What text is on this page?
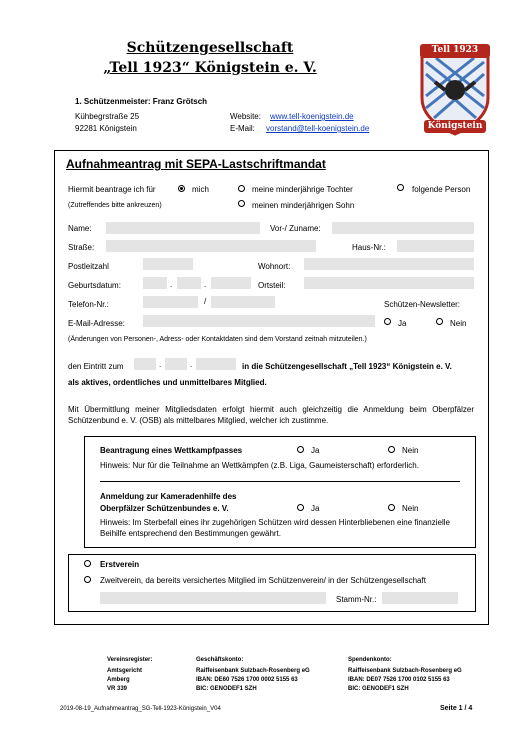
Schützengesellschaft
„Tell 1923“ Königstein e. V.
1. Schützenmeister: Franz Grötsch
Kühbegrstraße 25
92281 Königstein
Website: www.tell-koenigstein.de
E-Mail: vorstand@tell-koenigstein.de
Tell 1923
Königstein
Aufnahmeantrag mit SEPA-Lastschriftmandat
Hiermit beantrage ich für	mich	meine minderjährige Tochter	folgende Person
(Zutreffendes bitte ankreuzen)	meinen minderjährigen Sohn
Name:	Vor-/ Zuname:
Straße:	Haus-Nr.:
Postleitzahl	Wohnort:
Geburtsdatum:	.	.	Ortsteil:
Telefon-Nr.:	/	Schützen-Newsletter:
E-Mail-Adresse:	Ja	Nein
(Änderungen von Personen-, Adress- oder Kontaktdaten sind dem Vorstand zeitnah mitzuteilen.)
den Eintritt zum	.	.	in die Schützengesellschaft „Tell 1923“ Königstein e. V.
als aktives, ordentliches und unmittelbares Mitglied.
Mit Übermittlung meiner Mitgliedsdaten erfolgt hiermit auch gleichzeitig die Anmeldung beim Oberpfälzer Schützenbund e. V. (OSB) als mittelbares Mitglied, welcher ich zustimme.
Beantragung eines Wettkampfpasses	Ja	Nein
Hinweis: Nur für die Teilnahme an Wettkämpfen (z.B. Liga, Gaumeisterschaft) erforderlich.
Anmeldung zur Kameradenhilfe des
Oberpfälzer Schützenbundes e. V.	Ja	Nein
Hinweis: Im Sterbefall eines ihr zugehörigen Schützen wird dessen Hinterbliebenen eine finanzielle Beihilfe entsprechend den Bestimmungen gewährt.
Erstverein
Zweitverein, da bereits versichertes Mitglied im Schützenverein/ in der Schützengesellschaft
Stamm-Nr.:
Vereinsregister:
Amtsgericht
Amberg
VR 339
Geschäftskonto:
Raiffeisenbank Sulzbach-Rosenberg eG
IBAN: DE60 7526 1700 0002 5155 63
BIC: GENODEF1 SZH
Spendenkonto:
Raiffeisenbank Sulzbach-Rosenberg eG
IBAN: DE07 7526 1700 0102 5155 63
BIC: GENODEF1 SZH
2019-08-19_Aufnahmeantrag_SG-Tell-1923-Königstein_V04	Seite 1 / 4
